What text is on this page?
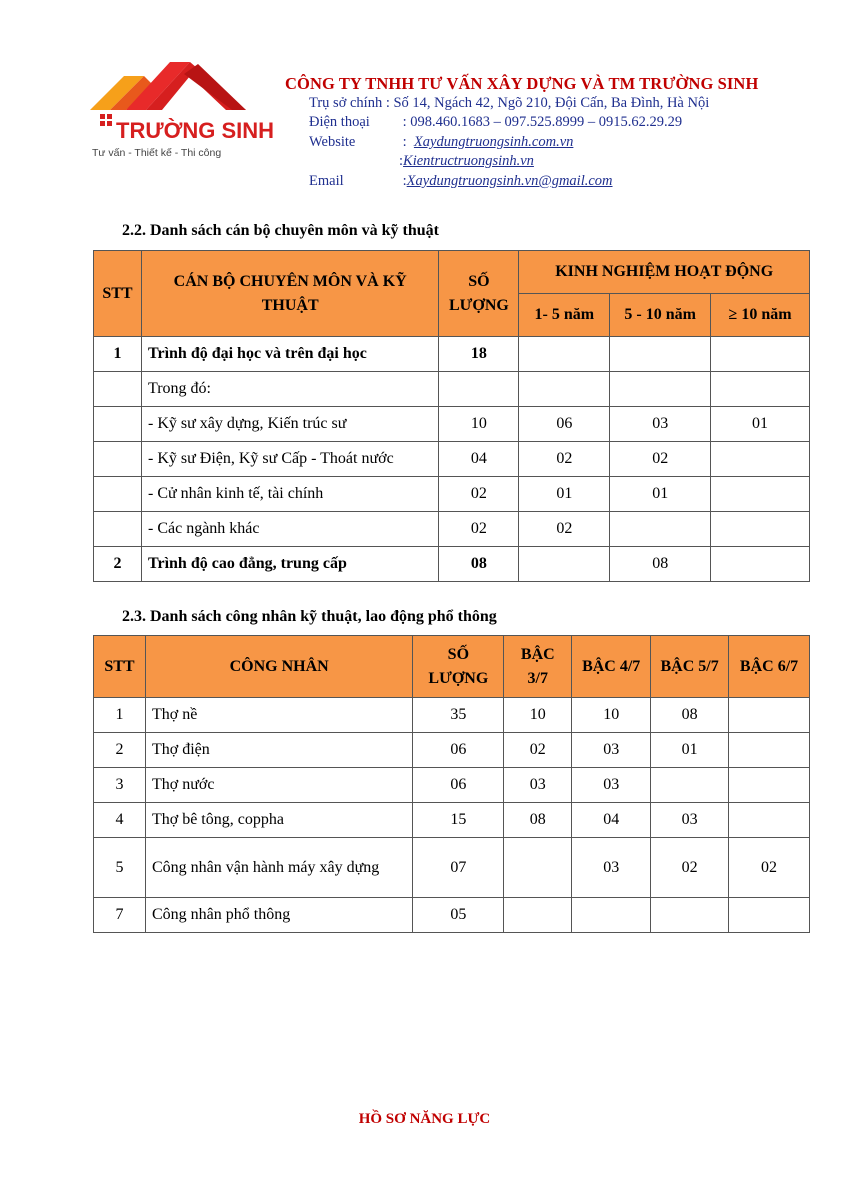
TRƯỜNG SINH
Tư vấn - Thiết kế - Thi công
CÔNG TY TNHH TƯ VẤN XÂY DỰNG VÀ TM TRƯỜNG SINH
Trụ sở chính : Số 14, Ngách 42, Ngõ 210, Đội Cấn, Ba Đình, Hà Nội
Điện thoại : 098.460.1683 – 097.525.8999 – 0915.62.29.29
Website	: Xaydungtruongsinh.com.vn
:Kientructruongsinh.vn
Email	:Xaydungtruongsinh.vn@gmail.com
2.2. Danh sách cán bộ chuyên môn và kỹ thuật
STT	CÁN BỘ CHUYÊN MÔN VÀ KỸ THUẬT	SỐ LƯỢNG	KINH NGHIỆM HOẠT ĐỘNG		
			1- 5 năm	5 - 10 năm	≥ 10 năm
1	Trình độ đại học và trên đại học	18			
	Trong đó:				
	- Kỹ sư xây dựng, Kiến trúc sư	10	06	03	01
	- Kỹ sư Điện, Kỹ sư Cấp - Thoát nước	04	02	02	
	- Cử nhân kinh tế, tài chính	02	01	01	
	- Các ngành khác	02	02		
2	Trình độ cao đẳng, trung cấp	08		08	
2.3. Danh sách công nhân kỹ thuật, lao động phổ thông
STT	CÔNG NHÂN	SỐ LƯỢNG	BẬC 3/7	BẬC 4/7	BẬC 5/7	BẬC 6/7
1	Thợ nề	35	10	10	08	
2	Thợ điện	06	02	03	01	
3	Thợ nước	06	03	03		
4	Thợ bê tông, coppha	15	08	04	03	
5	Công nhân vận hành máy xây dựng	07		03	02	02
7	Công nhân phổ thông	05				
HỒ SƠ NĂNG LỰC
